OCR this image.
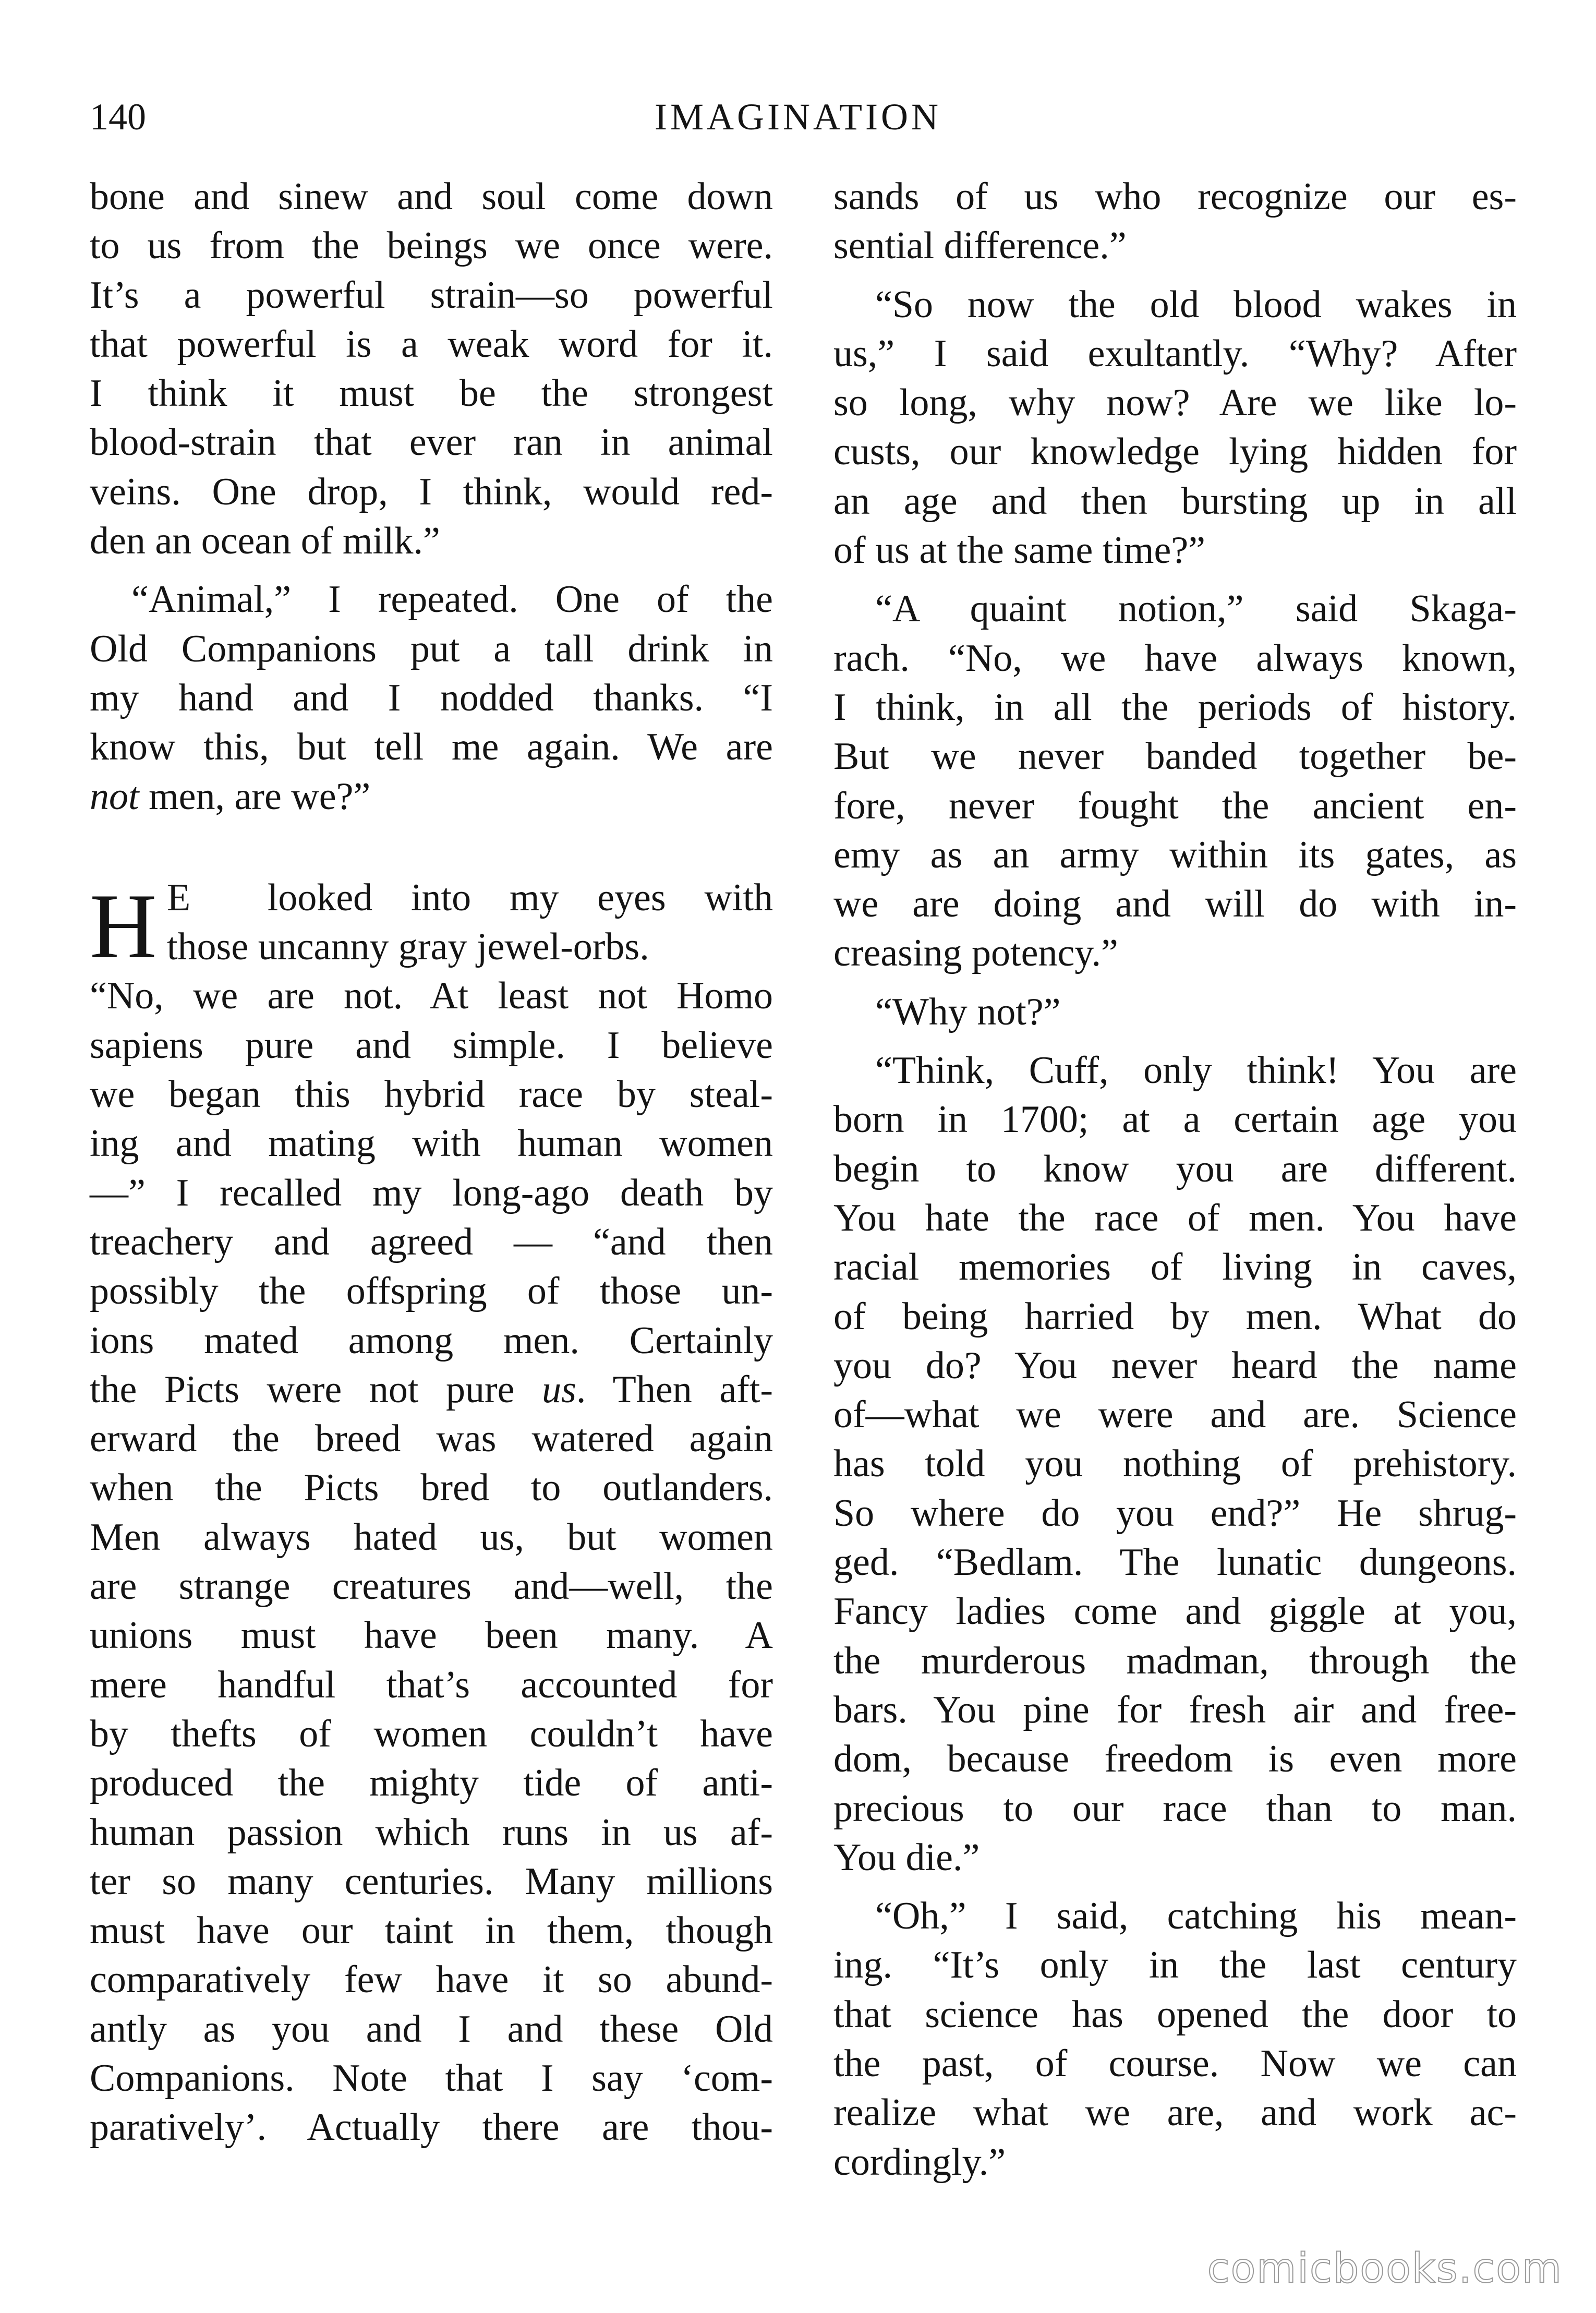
140	IMAGINATION
bone and sinew and soul come down
to us from the beings we once were.
It’s a powerful strain—so powerful
that powerful is a weak word for it.
I think it must be the strongest
blood-strain that ever ran in animal
veins. One drop, I think, would red-
den an ocean of milk.”
“Animal,” I repeated. One of the
Old Companions put a tall drink in
my hand and I nodded thanks. “I
know this, but tell me again. We are
not men, are we?”
H E looked into my eyes with
those uncanny gray jewel-orbs.
“No, we are not. At least not Homo
sapiens pure and simple. I believe
we began this hybrid race by steal-
ing and mating with human women
—” I recalled my long-ago death by
treachery and agreed — “and then
possibly the offspring of those un-
ions mated among men. Certainly
the Picts were not pure us. Then aft-
erward the breed was watered again
when the Picts bred to outlanders.
Men always hated us, but women
are strange creatures and—well, the
unions must have been many. A
mere handful that’s accounted for
by thefts of women couldn’t have
produced the mighty tide of anti-
human passion which runs in us af-
ter so many centuries. Many millions
must have our taint in them, though
comparatively few have it so abund-
antly as you and I and these Old
Companions. Note that I say ‘com-
paratively’. Actually there are thou-
sands of us who recognize our es-
sential difference.”
“So now the old blood wakes in
us,” I said exultantly. “Why? After
so long, why now? Are we like lo-
custs, our knowledge lying hidden for
an age and then bursting up in all
of us at the same time?”
“A quaint notion,” said Skaga-
rach. “No, we have always known,
I think, in all the periods of history.
But we never banded together be-
fore, never fought the ancient en-
emy as an army within its gates, as
we are doing and will do with in-
creasing potency.”
“Why not?”
“Think, Cuff, only think! You are
born in 1700; at a certain age you
begin to know you are different.
You hate the race of men. You have
racial memories of living in caves,
of being harried by men. What do
you do? You never heard the name
of—what we were and are. Science
has told you nothing of prehistory.
So where do you end?” He shrug-
ged. “Bedlam. The lunatic dungeons.
Fancy ladies come and giggle at you,
the murderous madman, through the
bars. You pine for fresh air and free-
dom, because freedom is even more
precious to our race than to man.
You die.”
“Oh,” I said, catching his mean-
ing. “It’s only in the last century
that science has opened the door to
the past, of course. Now we can
realize what we are, and work ac-
cordingly.”
comicbooks.com
